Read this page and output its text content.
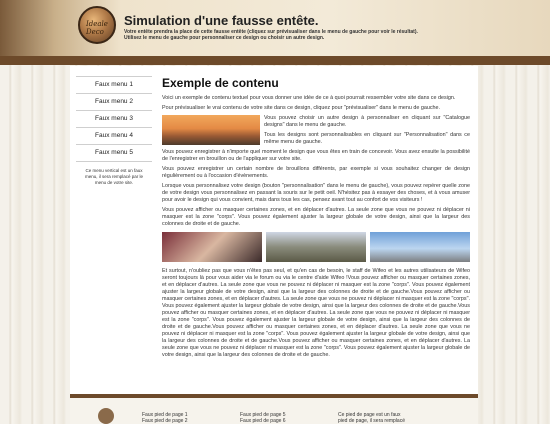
Ideale Deco
Simulation d'une fausse entête.
Votre entête prendra la place de cette fausse entête (cliquez sur prévisualiser dans le menu de gauche pour voir le résultat).
Utilisez le menu de gauche pour personnaliser ce design ou choisir un autre design.
Faux menu 1
Faux menu 2
Faux menu 3
Faux menu 4
Faux menu 5
Ce menu vertical est un faux menu, il sera remplacé par le menu de votre site.
Exemple de contenu

Voici un exemple de contenu textuel pour vous donner une idée de ce à quoi pourrait ressembler votre site dans ce design.

Pour prévisualiser le vrai contenu de votre site dans ce design, cliquez pour "prévisualiser" dans le menu de gauche.

Vous pouvez choisir un autre design à personnaliser en cliquant sur "Catalogue designs" dans le menu de gauche.

Tous les designs sont personnalisables en cliquant sur "Personnalisation" dans ce même menu de gauche.

Vous pouvez enregistrer à n'importe quel moment le design que vous êtes en train de concevoir. Vous avez ensuite la possibilité de l'enregistrer en brouillon ou de l'appliquer sur votre site.

Vous pouvez enregistrer un certain nombre de brouillons différents, par exemple si vous souhaitez changer de design régulièrement ou à l'occasion d'évènements.

Lorsque vous personnalisez votre design (bouton "personnalisation" dans le menu de gauche), vous pouvez repérer quelle zone de votre design vous personnalisez en passant la souris sur le petit oeil. N'hésitez pas à essayer des choses, et à vous amuser pour avoir le design qui vous convient, mais dans tous les cas, pensez avant tout au confort de vos visiteurs !

Vous pouvez afficher ou masquer certaines zones, et en déplacer d'autres. La seule zone que vous ne pouvez ni déplacer ni masquer est la zone "corps". Vous pouvez également ajuster la largeur globale de votre design, ainsi que la largeur des colonnes de droite et de gauche.

Et surtout, n'oubliez pas que vous n'êtes pas seul, et qu'en cas de besoin, le staff de Wifeo et les autres utilisateurs de Wifeo seront toujours là pour vous aider via le forum ou via le centre d'aide Wifeo !Vous pouvez afficher ou masquer certaines zones, et en déplacer d'autres. La seule zone que vous ne pouvez ni déplacer ni masquer est la zone "corps". Vous pouvez également ajuster la largeur globale de votre design, ainsi que la largeur des colonnes de droite et de gauche.Vous pouvez afficher ou masquer certaines zones, et en déplacer d'autres. La seule zone que vous ne pouvez ni déplacer ni masquer est la zone "corps". Vous pouvez également ajuster la largeur globale de votre design, ainsi que la largeur des colonnes de droite et de gauche.Vous pouvez afficher ou masquer certaines zones, et en déplacer d'autres. La seule zone que vous ne pouvez ni déplacer ni masquer est la zone "corps". Vous pouvez également ajuster la largeur globale de votre design, ainsi que la largeur des colonnes de droite et de gauche.Vous pouvez afficher ou masquer certaines zones, et en déplacer d'autres. La seule zone que vous ne pouvez ni déplacer ni masquer est la zone "corps". Vous pouvez également ajuster la largeur globale de votre design, ainsi que la largeur des colonnes de droite et de gauche.Vous pouvez afficher ou masquer certaines zones, et en déplacer d'autres. La seule zone que vous ne pouvez ni déplacer ni masquer est la zone "corps". Vous pouvez également ajuster la largeur globale de votre design, ainsi que la largeur des colonnes de droite et de gauche.

Faux pied de page 1
Faux pied de page 2
Faux pied de page 5
Faux pied de page 6
Ce pied de page est un faux
pied de page, il sera remplacé
